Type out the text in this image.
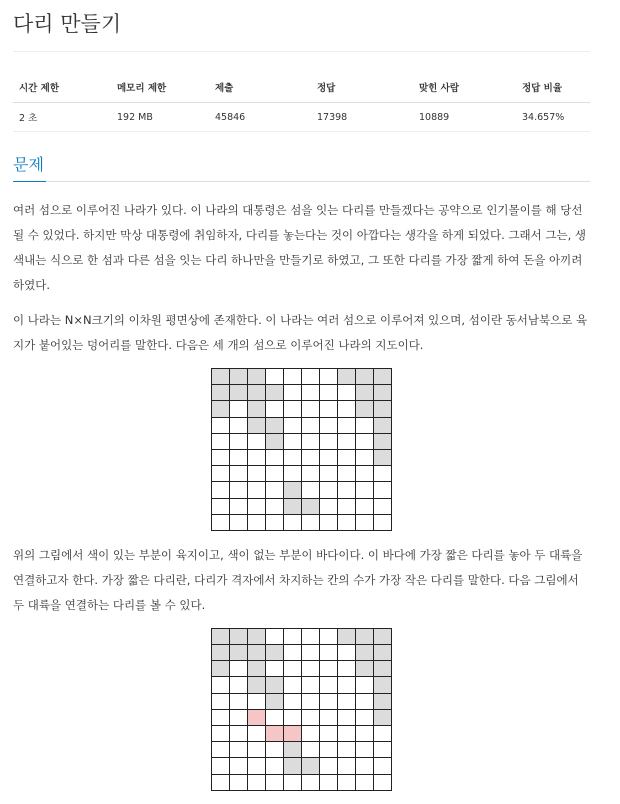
다리 만들기
시간 제한	메모리 제한	제출	정답	맞힌 사람	정답 비율
2 초	192 MB	45846	17398	10889	34.657%
문제

여러 섬으로 이루어진 나라가 있다. 이 나라의 대통령은 섬을 잇는 다리를 만들겠다는 공약으로 인기몰이를 해 당선될 수 있었다. 하지만 막상 대통령에 취임하자, 다리를 놓는다는 것이 아깝다는 생각을 하게 되었다. 그래서 그는, 생색내는 식으로 한 섬과 다른 섬을 잇는 다리 하나만을 만들기로 하였고, 그 또한 다리를 가장 짧게 하여 돈을 아끼려 하였다.

이 나라는 N×N크기의 이차원 평면상에 존재한다. 이 나라는 여러 섬으로 이루어져 있으며, 섬이란 동서남북으로 육지가 붙어있는 덩어리를 말한다. 다음은 세 개의 섬으로 이루어진 나라의 지도이다.

위의 그림에서 색이 있는 부분이 육지이고, 색이 없는 부분이 바다이다. 이 바다에 가장 짧은 다리를 놓아 두 대륙을 연결하고자 한다. 가장 짧은 다리란, 다리가 격자에서 차지하는 칸의 수가 가장 작은 다리를 말한다. 다음 그림에서 두 대륙을 연결하는 다리를 볼 수 있다.
